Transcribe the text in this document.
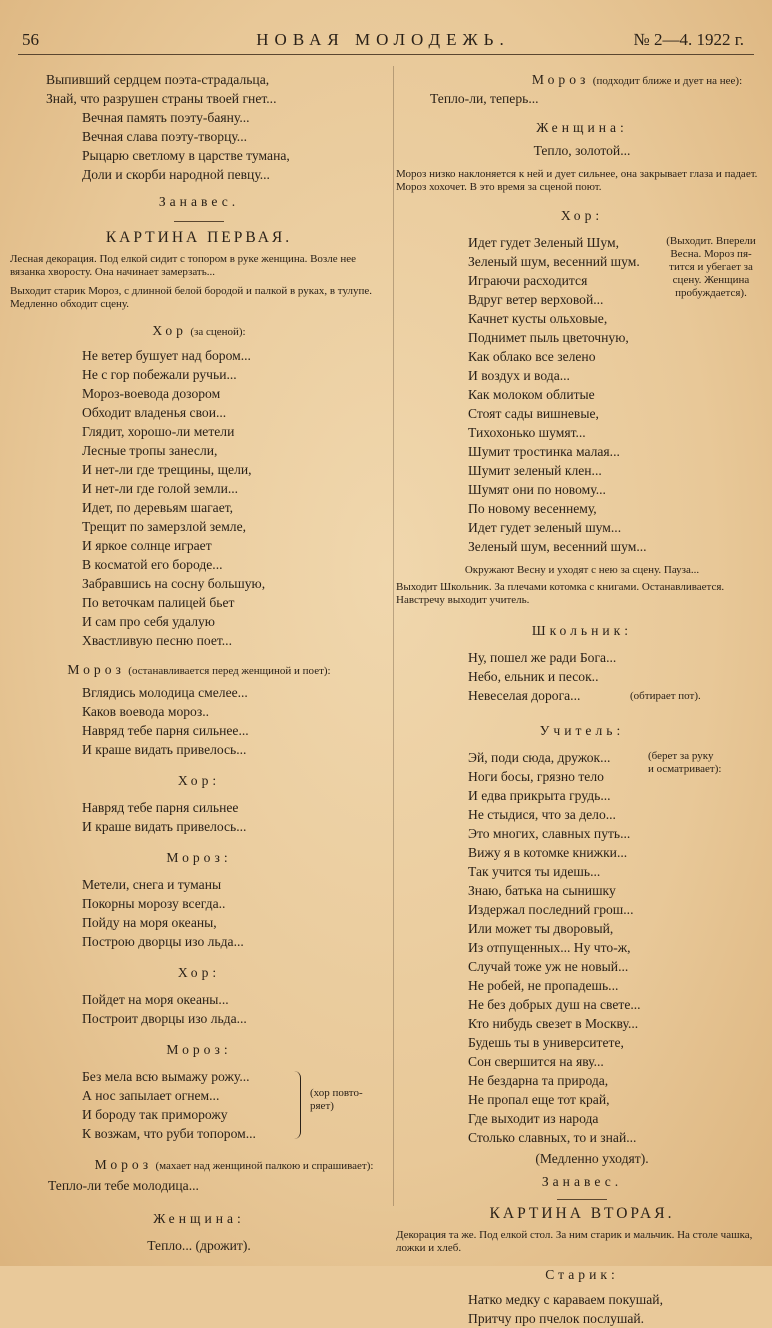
56	НОВАЯ МОЛОДЕЖЬ.	№ 2—4. 1922 г.
Выпивший сердцем поэта-страдальца,
Знай, что разрушен страны твоей гнет...
Вечная память поэту-баяну...
Вечная слава поэту-творцу...
Рыцарю светлому в царстве тумана,
Доли и скорби народной певцу...
Занавес.
КАРТИНА ПЕРВАЯ.
Лесная декорация. Под елкой сидит с топором в руке женщина. Возле нее вязанка хворосту. Она начинает замерзать...
Выходит старик Мороз, с длинной белой бородой и палкой в руках, в тулупе. Медленно обходит сцену.
Хор (за сценой):
Не ветер бушует над бором...
Не с гор побежали ручьи...
Мороз-воевода дозором
Обходит владенья свои...
Глядит, хорошо-ли метели
Лесные тропы занесли,
И нет-ли где трещины, щели,
И нет-ли где голой земли...
Идет, по деревьям шагает,
Трещит по замерзлой земле,
И яркое солнце играет
В косматой его бороде...
Забравшись на сосну большую,
По веточкам палицей бьет
И сам про себя удалую
Хвастливую песню поет...
Мороз (останавливается перед женщиной и поет):
Вглядись молодица смелее...
Каков воевода мороз..
Навряд тебе парня сильнее...
И краше видать привелось...
Хор:
Навряд тебе парня сильнее
И краше видать привелось...
Мороз:
Метели, снега и туманы
Покорны морозу всегда..
Пойду на моря океаны,
Построю дворцы изо льда...
Хор:
Пойдет на моря океаны...
Построит дворцы изо льда...
Мороз:
Без мела всю вымажу рожу...
А нос запылает огнем...
И бороду так приморожу
К возжам, что руби топором...
(хор повто-
ряет)
Мороз (махает над женщиной палкою и спрашивает):
Тепло-ли тебе молодица...
Женщина:
Тепло... (дрожит).
Мороз (подходит ближе и дует на нее):
Тепло-ли, теперь...
Женщина:
Тепло, золотой...
Мороз низко наклоняется к ней и дует сильнее, она закрывает глаза и падает. Мороз хохочет. В это время за сценой поют.
Хор:
Идет гудет Зеленый Шум,
Зеленый шум, весенний шум.
Играючи расходится
Вдруг ветер верховой...
Качнет кусты ольховые,
Поднимет пыль цветочную,
Как облако все зелено
И воздух и вода...
Как молоком облитые
Стоят сады вишневые,
Тихохонько шумят...
Шумит тростинка малая...
Шумит зеленый клен...
Шумят они по новому...
По новому весеннему,
Идет гудет зеленый шум...
Зеленый шум, весенний шум...
(Выходит. Вперели
Весна. Мороз пя-
тится и убегает за
сцену. Женщина
пробуждается).
Окружают Весну и уходят с нею за сцену. Пауза...
Выходит Школьник. За плечами котомка с книгами. Останавливается. Навстречу выходит учитель.
Школьник:
Ну, пошел же ради Бога...
Небо, ельник и песок..
Невеселая дорога...	(обтирает пот).
Учитель:
Эй, поди сюда, дружок...
Ноги босы, грязно тело
И едва прикрыта грудь...
Не стыдися, что за дело...
Это многих, славных путь...
Вижу я в котомке книжки...
Так учится ты идешь...
Знаю, батька на сынишку
Издержал последний грош...
Или может ты дворовый,
Из отпущенных... Ну что-ж,
Случай тоже уж не новый...
Не робей, не пропадешь...
Не без добрых душ на свете...
Кто нибудь свезет в Москву...
Будешь ты в университете,
Сон свершится на яву...
Не бездарна та природа,
Не пропал еще тот край,
Где выходит из народа
Столько славных, то и знай...
(берет за руку
и осматривает):
(Медленно уходят).
Занавес.
КАРТИНА ВТОРАЯ.
Декорация та же. Под елкой стол. За ним старик и мальчик. На столе чашка, ложки и хлеб.
Старик:
Натко медку с караваем покушай,
Притчу про пчелок послушай.
